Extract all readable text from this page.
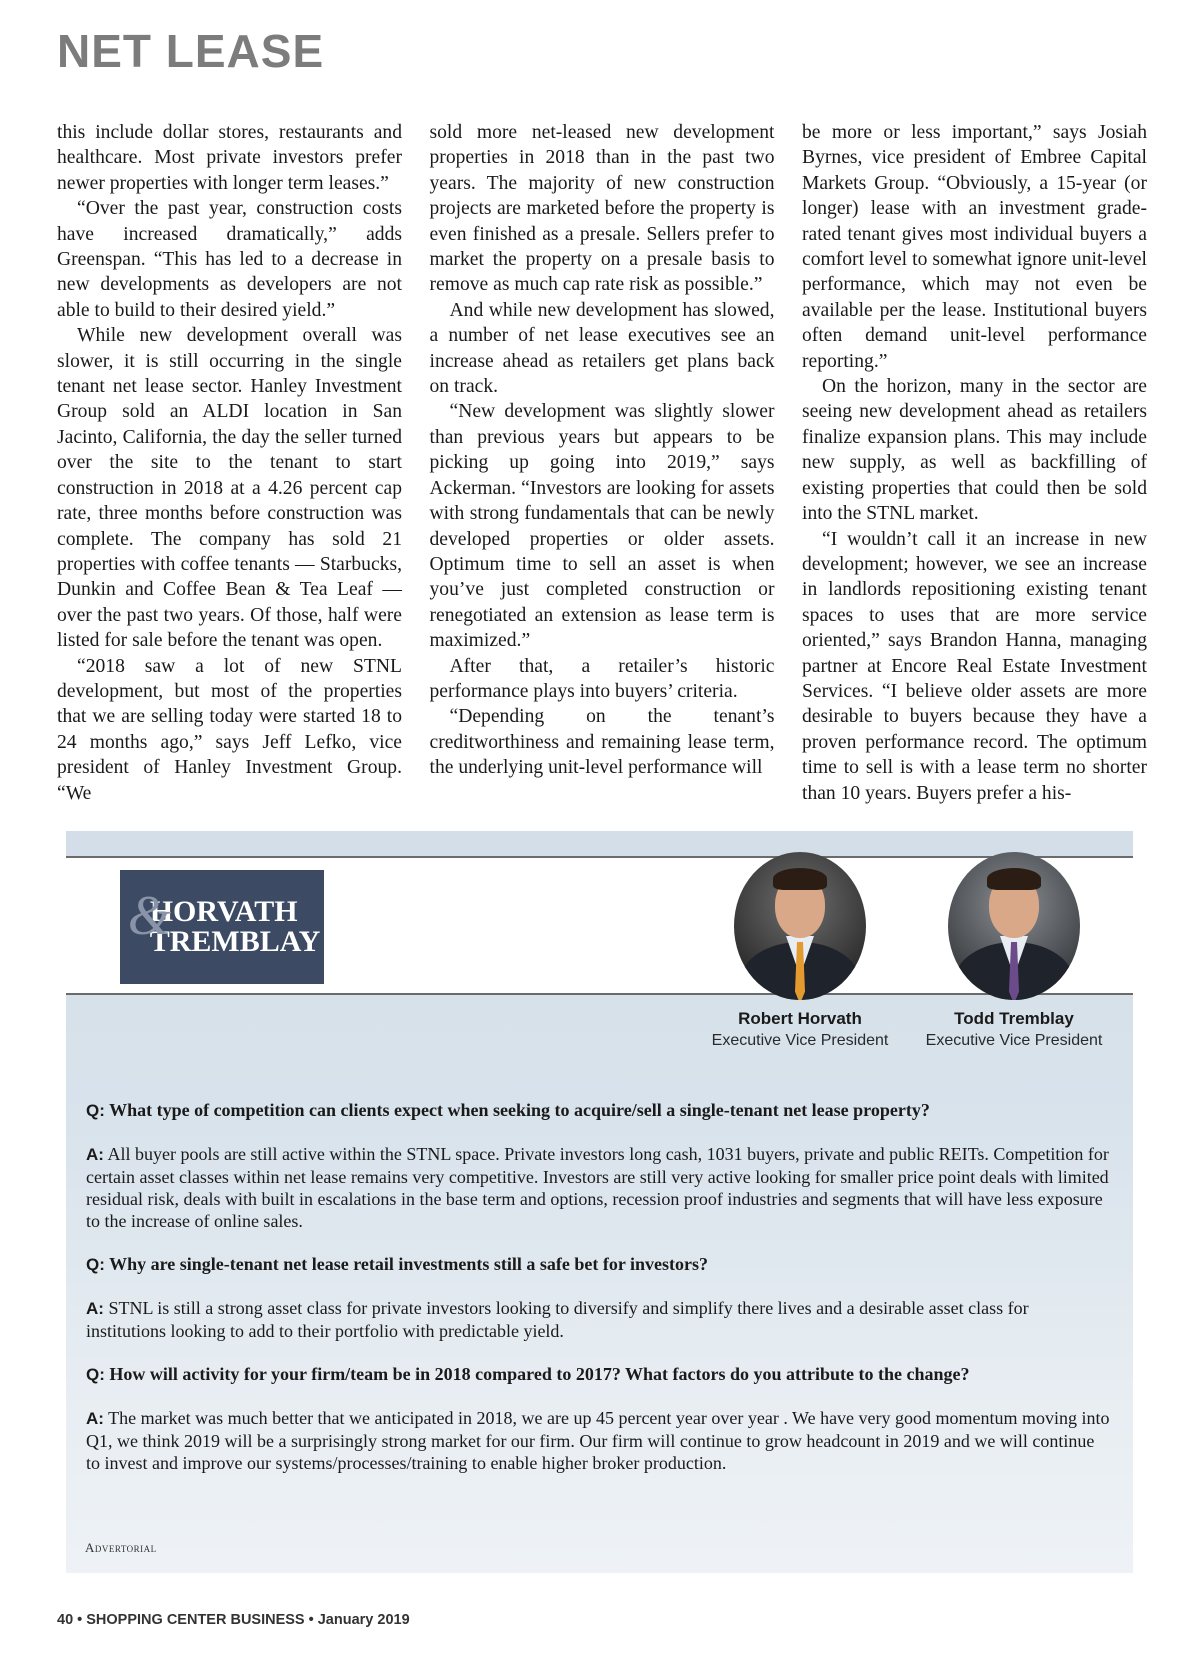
NET LEASE

this include dollar stores, restaurants and healthcare. Most private investors prefer newer properties with longer term leases.”

“Over the past year, construction costs have increased dramatically,” adds Greenspan. “This has led to a decrease in new developments as developers are not able to build to their desired yield.”

While new development overall was slower, it is still occurring in the single tenant net lease sector. Hanley Investment Group sold an ALDI location in San Jacinto, California, the day the seller turned over the site to the tenant to start construction in 2018 at a 4.26 percent cap rate, three months before construction was complete. The company has sold 21 properties with coffee tenants — Starbucks, Dunkin and Coffee Bean & Tea Leaf — over the past two years. Of those, half were listed for sale before the tenant was open.

“2018 saw a lot of new STNL development, but most of the properties that we are selling today were started 18 to 24 months ago,” says Jeff Lefko, vice president of Hanley Investment Group. “We

sold more net-leased new development properties in 2018 than in the past two years. The majority of new construction projects are marketed before the property is even finished as a presale. Sellers prefer to market the property on a presale basis to remove as much cap rate risk as possible.”

And while new development has slowed, a number of net lease executives see an increase ahead as retailers get plans back on track.

“New development was slightly slower than previous years but appears to be picking up going into 2019,” says Ackerman. “Investors are looking for assets with strong fundamentals that can be newly developed properties or older assets. Optimum time to sell an asset is when you’ve just completed construction or renegotiated an extension as lease term is maximized.”

After that, a retailer’s historic performance plays into buyers’ criteria.

“Depending on the tenant’s creditworthiness and remaining lease term, the underlying unit-level performance will

be more or less important,” says Josiah Byrnes, vice president of Embree Capital Markets Group. “Obviously, a 15-year (or longer) lease with an investment grade-rated tenant gives most individual buyers a comfort level to somewhat ignore unit-level performance, which may not even be available per the lease. Institutional buyers often demand unit-level performance reporting.”

On the horizon, many in the sector are seeing new development ahead as retailers finalize expansion plans. This may include new supply, as well as backfilling of existing properties that could then be sold into the STNL market.

“I wouldn’t call it an increase in new development; however, we see an increase in landlords repositioning existing tenant spaces to uses that are more service oriented,” says Brandon Hanna, managing partner at Encore Real Estate Investment Services. “I believe older assets are more desirable to buyers because they have a proven performance record. The optimum time to sell is with a lease term no shorter than 10 years. Buyers prefer a his-

&
HORVATH
TREMBLAY
Robert Horvath
Executive Vice President
Todd Tremblay
Executive Vice President
Q: What type of competition can clients expect when seeking to acquire/sell a single-tenant net lease property?
A: All buyer pools are still active within the STNL space. Private investors long cash, 1031 buyers, private and public REITs. Competition for certain asset classes within net lease remains very competitive. Investors are still very active looking for smaller price point deals with limited residual risk, deals with built in escalations in the base term and options, recession proof industries and segments that will have less exposure to the increase of online sales.
Q: Why are single-tenant net lease retail investments still a safe bet for investors?
A: STNL is still a strong asset class for private investors looking to diversify and simplify there lives and a desirable asset class for institutions looking to add to their portfolio with predictable yield.
Q: How will activity for your firm/team be in 2018 compared to 2017? What factors do you attribute to the change?
A: The market was much better that we anticipated in 2018, we are up 45 percent year over year . We have very good momentum moving into Q1, we think 2019 will be a surprisingly strong market for our firm. Our firm will continue to grow headcount in 2019 and we will continue to invest and improve our systems/processes/training to enable higher broker production.
Advertorial
40 • SHOPPING CENTER BUSINESS • January 2019
